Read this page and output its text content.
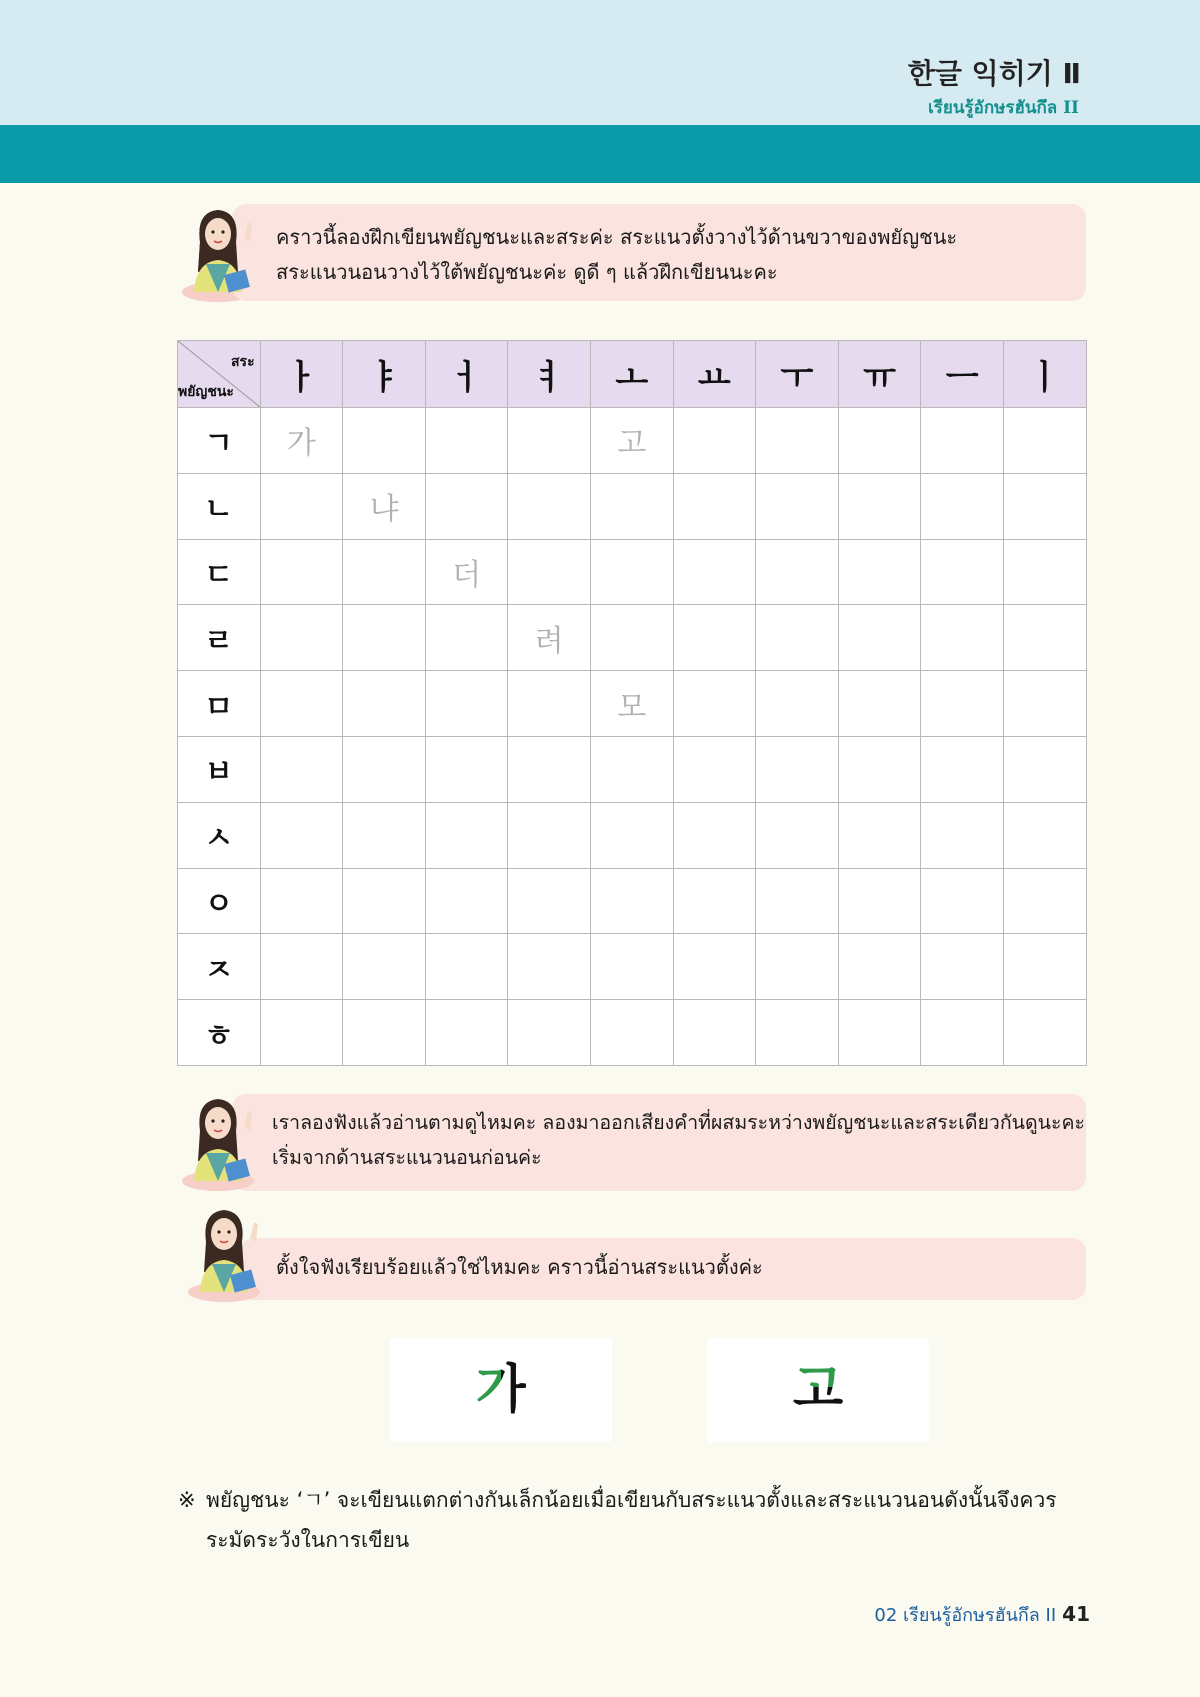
한글 익히기 Ⅱ
เรียนรู้อักษรฮันกึล II
คราวนี้ลองฝึกเขียนพยัญชนะและสระค่ะ สระแนวตั้งวางไว้ด้านขวาของพยัญชนะ
สระแนวนอนวางไว้ใต้พยัญชนะค่ะ ดูดี ๆ แล้วฝึกเขียนนะคะ
สระ
พยัญชนะ	ㅏ	ㅑ	ㅓ	ㅕ	ㅗ	ㅛ	ㅜ	ㅠ	ㅡ	ㅣ
ㄱ	가				고					
ㄴ		냐								
ㄷ			더							
ㄹ				려						
ㅁ					모					
ㅂ										
ㅅ										
ㅇ										
ㅈ										
ㅎ										
เราลองฟังแล้วอ่านตามดูไหมคะ ลองมาออกเสียงคำที่ผสมระหว่างพยัญชนะและสระเดียวกันดูนะคะ
เริ่มจากด้านสระแนวนอนก่อนค่ะ
ตั้งใจฟังเรียบร้อยแล้วใช่ไหมคะ คราวนี้อ่านสระแนวตั้งค่ะ
가	고
※ พยัญชนะ ‘ㄱ’ จะเขียนแตกต่างกันเล็กน้อยเมื่อเขียนกับสระแนวตั้งและสระแนวนอนดังนั้นจึงควร
ระมัดระวังในการเขียน
02 เรียนรู้อักษรฮันกึล II 41
